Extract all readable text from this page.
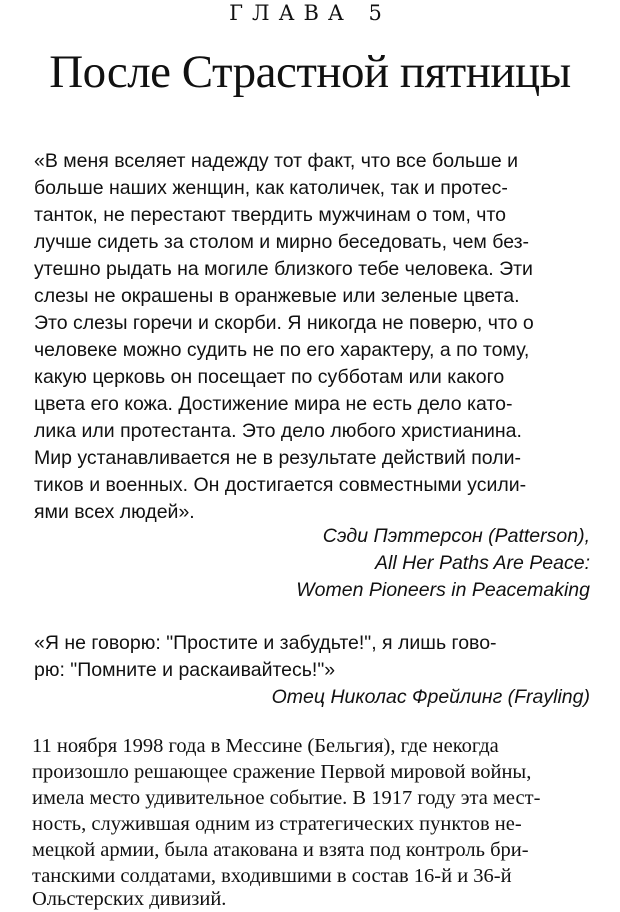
ГЛАВА 5
После Страстной пятницы
«В меня вселяет надежду тот факт, что все больше и
больше наших женщин, как католичек, так и протес-
танток, не перестают твердить мужчинам о том, что
лучше сидеть за столом и мирно беседовать, чем без-
утешно рыдать на могиле близкого тебе человека. Эти
слезы не окрашены в оранжевые или зеленые цвета.
Это слезы горечи и скорби. Я никогда не поверю, что о
человеке можно судить не по его характеру, а по тому,
какую церковь он посещает по субботам или какого
цвета его кожа. Достижение мира не есть дело като-
лика или протестанта. Это дело любого христианина.
Мир устанавливается не в результате действий поли-
тиков и военных. Он достигается совместными усили-
ями всех людей».
Сэди Пэттерсон (Patterson),
All Her Paths Are Peace:
Women Pioneers in Peacemaking
«Я не говорю: "Простите и забудьте!", я лишь гово-
рю: "Помните и раскаивайтесь!"»
Отец Николас Фрейлинг (Frayling)
11 ноября 1998 года в Мессине (Бельгия), где некогда
произошло решающее сражение Первой мировой войны,
имела место удивительное событие. В 1917 году эта мест-
ность, служившая одним из стратегических пунктов не-
мецкой армии, была атакована и взята под контроль бри-
танскими солдатами, входившими в состав 16-й и 36-й
Ольстерских дивизий.
